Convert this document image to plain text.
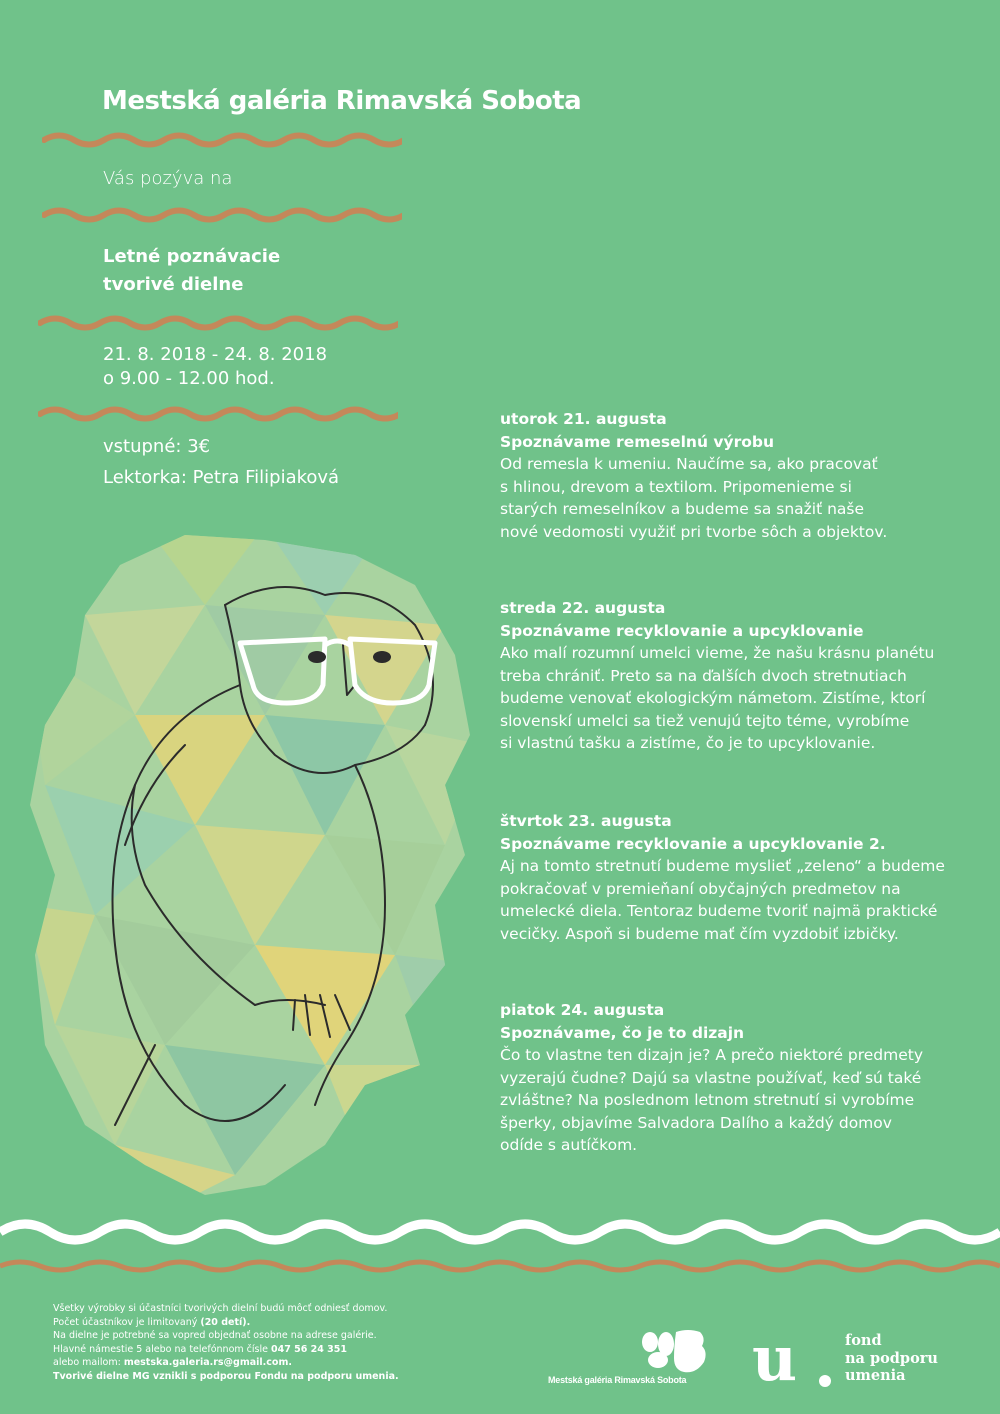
Mestská galéria Rimavská Sobota
Vás pozýva na
Letné poznávacie
tvorivé dielne
21. 8. 2018 - 24. 8. 2018
o 9.00 - 12.00 hod.
vstupné: 3€
Lektorka: Petra Filipiaková
utorok 21. augusta
Spoznávame remeselnú výrobu
Od remesla k umeniu. Naučíme sa, ako pracovať
s hlinou, drevom a textilom. Pripomenieme si
starých remeselníkov a budeme sa snažiť naše
nové vedomosti využiť pri tvorbe sôch a objektov.
streda 22. augusta
Spoznávame recyklovanie a upcyklovanie
Ako malí rozumní umelci vieme, že našu krásnu planétu
treba chrániť. Preto sa na ďalších dvoch stretnutiach
budeme venovať ekologickým námetom. Zistíme, ktorí
slovenskí umelci sa tiež venujú tejto téme, vyrobíme
si vlastnú tašku a zistíme, čo je to upcyklovanie.
štvrtok 23. augusta
Spoznávame recyklovanie a upcyklovanie 2.
Aj na tomto stretnutí budeme myslieť „zeleno“ a budeme
pokračovať v premieňaní obyčajných predmetov na
umelecké diela. Tentoraz budeme tvoriť najmä praktické
vecičky. Aspoň si budeme mať čím vyzdobiť izbičky.
piatok 24. augusta
Spoznávame, čo je to dizajn
Čo to vlastne ten dizajn je? A prečo niektoré predmety
vyzerajú čudne? Dajú sa vlastne používať, keď sú také
zvláštne? Na poslednom letnom stretnutí si vyrobíme
šperky, objavíme Salvadora Dalího a každý domov
odíde s autíčkom.
Všetky výrobky si účastníci tvorivých dielní budú môcť odniesť domov.
Počet účastníkov je limitovaný (20 detí).
Na dielne je potrebné sa vopred objednať osobne na adrese galérie.
Hlavné námestie 5 alebo na telefónnom čísle 047 56 24 351
alebo mailom: mestska.galeria.rs@gmail.com.
Tvorivé dielne MG vznikli s podporou Fondu na podporu umenia.	Mestská galéria Rimavská Sobota u	fond
na podporu
umenia
